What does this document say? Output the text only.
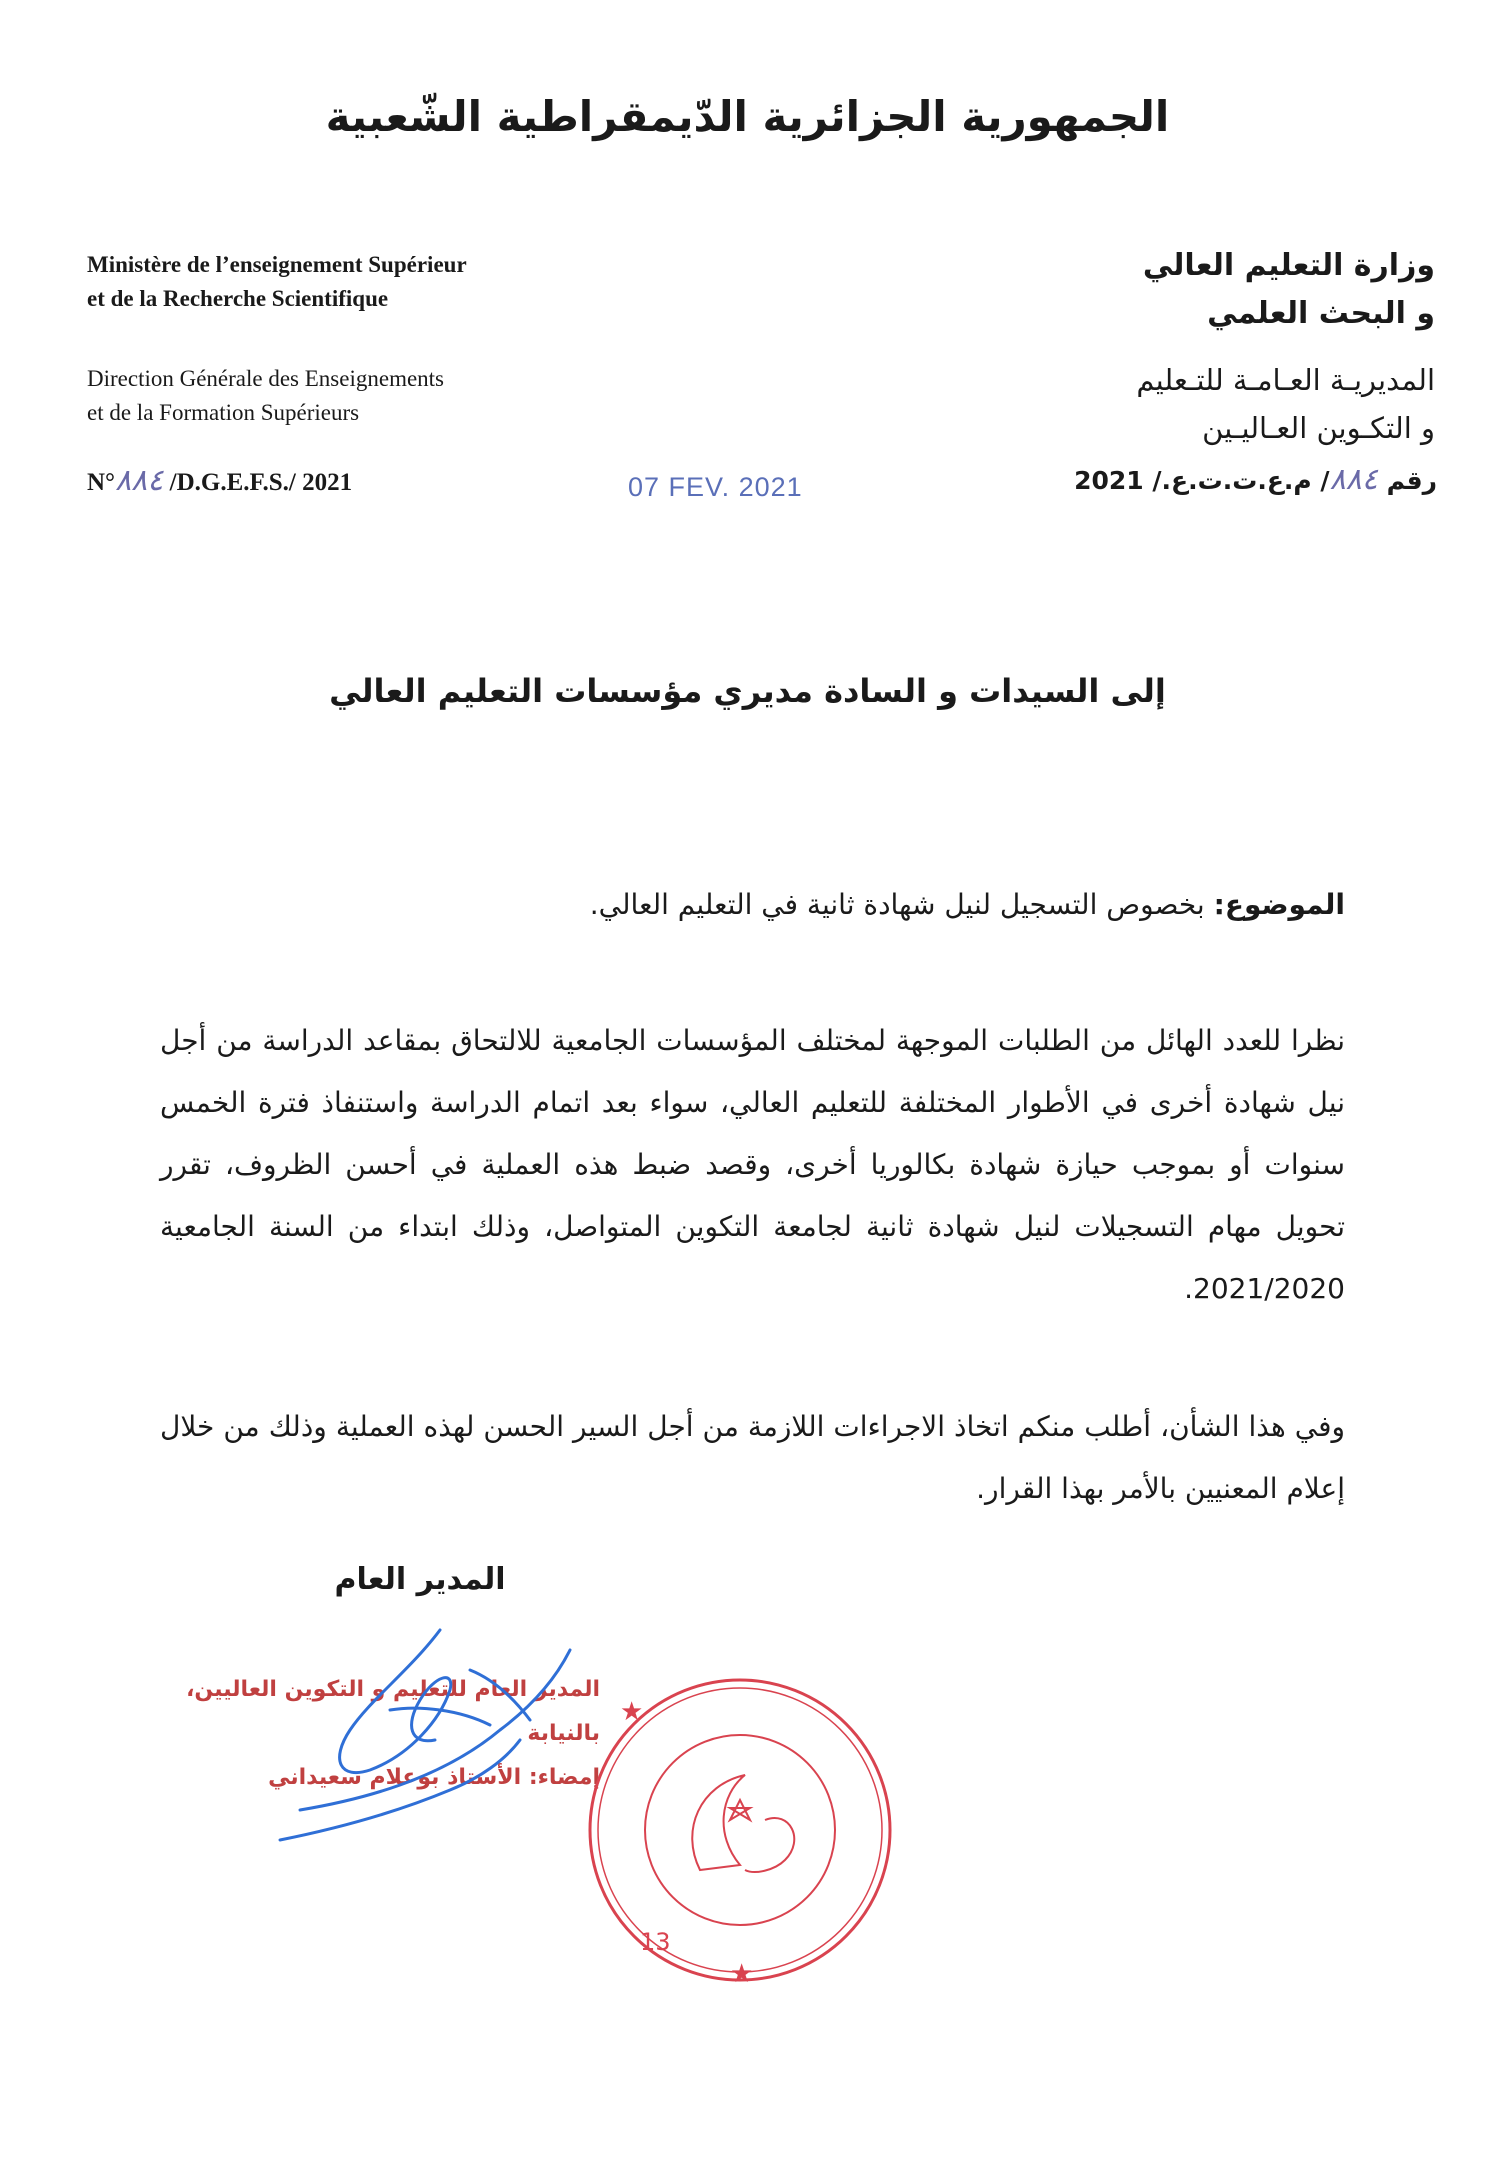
الجمهورية الجزائرية الدّيمقراطية الشّعبية
Ministère de l’enseignement Supérieur
et de la Recherche Scientifique
Direction Générale des Enseignements
et de la Formation Supérieurs
وزارة التعليم العالي
و البحث العلمي
المديريـة العـامـة للتـعليم
و التكـوين العـاليـين
N°٨٨٤ /D.G.E.F.S./ 2021	07 FEV. 2021	رقم ٨٨٤/ م.ع.ت.ت.ع./ 2021
إلى السيدات و السادة مديري مؤسسات التعليم العالي
الموضوع: بخصوص التسجيل لنيل شهادة ثانية في التعليم العالي.
نظرا للعدد الهائل من الطلبات الموجهة لمختلف المؤسسات الجامعية للالتحاق بمقاعد الدراسة من أجل نيل شهادة أخرى في الأطوار المختلفة للتعليم العالي، سواء بعد اتمام الدراسة واستنفاذ فترة الخمس سنوات أو بموجب حيازة شهادة بكالوريا أخرى، وقصد ضبط هذه العملية في أحسن الظروف، تقرر تحويل مهام التسجيلات لنيل شهادة ثانية لجامعة التكوين المتواصل، وذلك ابتداء من السنة الجامعية 2021/2020.
وفي هذا الشأن، أطلب منكم اتخاذ الاجراءات اللازمة من أجل السير الحسن لهذه العملية وذلك من خلال إعلام المعنيين بالأمر بهذا القرار.
المدير العام
المدير العام للتعليم و التكوين العاليين، بالنيابة
إمضاء: الأستاذ بوعلام سعيداني
13
★
★
